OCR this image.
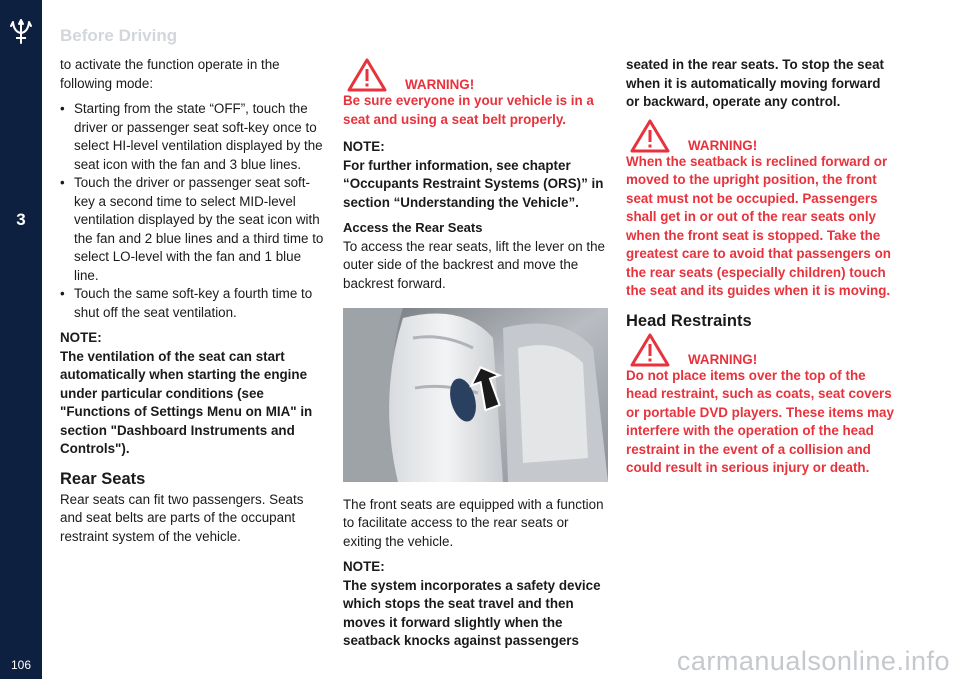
3
106
Before Driving

to activate the function operate in the following mode:

• Starting from the state “OFF”, touch the driver or passenger seat soft-key once to select HI-level ventilation displayed by the seat icon with the fan and 3 blue lines.
• Touch the driver or passenger seat soft-key a second time to select MID-level ventilation displayed by the seat icon with the fan and 2 blue lines and a third time to select LO-level with the fan and 1 blue line.
• Touch the same soft-key a fourth time to shut off the seat ventilation.
NOTE:

The ventilation of the seat can start automatically when starting the engine under particular conditions (see "Functions of Settings Menu on MIA" in section "Dashboard Instruments and Controls").

Rear Seats

Rear seats can fit two passengers. Seats and seat belts are parts of the occupant restraint system of the vehicle.

WARNING!

Be sure everyone in your vehicle is in a seat and using a seat belt properly.

NOTE:

For further information, see chapter “Occupants Restraint Systems (ORS)” in section “Understanding the Vehicle”.

Access the Rear Seats

To access the rear seats, lift the lever on the outer side of the backrest and move the backrest forward.

The front seats are equipped with a function to facilitate access to the rear seats or exiting the vehicle.

NOTE:

The system incorporates a safety device which stops the seat travel and then moves it forward slightly when the seatback knocks against passengers

seated in the rear seats. To stop the seat when it is automatically moving forward or backward, operate any control.

WARNING!

When the seatback is reclined forward or moved to the upright position, the front seat must not be occupied. Passengers shall get in or out of the rear seats only when the front seat is stopped. Take the greatest care to avoid that passengers on the rear seats (especially children) touch the seat and its guides when it is moving.

Head Restraints
WARNING!

Do not place items over the top of the head restraint, such as coats, seat covers or portable DVD players. These items may interfere with the operation of the head restraint in the event of a collision and could result in serious injury or death.

carmanualsonline.info
